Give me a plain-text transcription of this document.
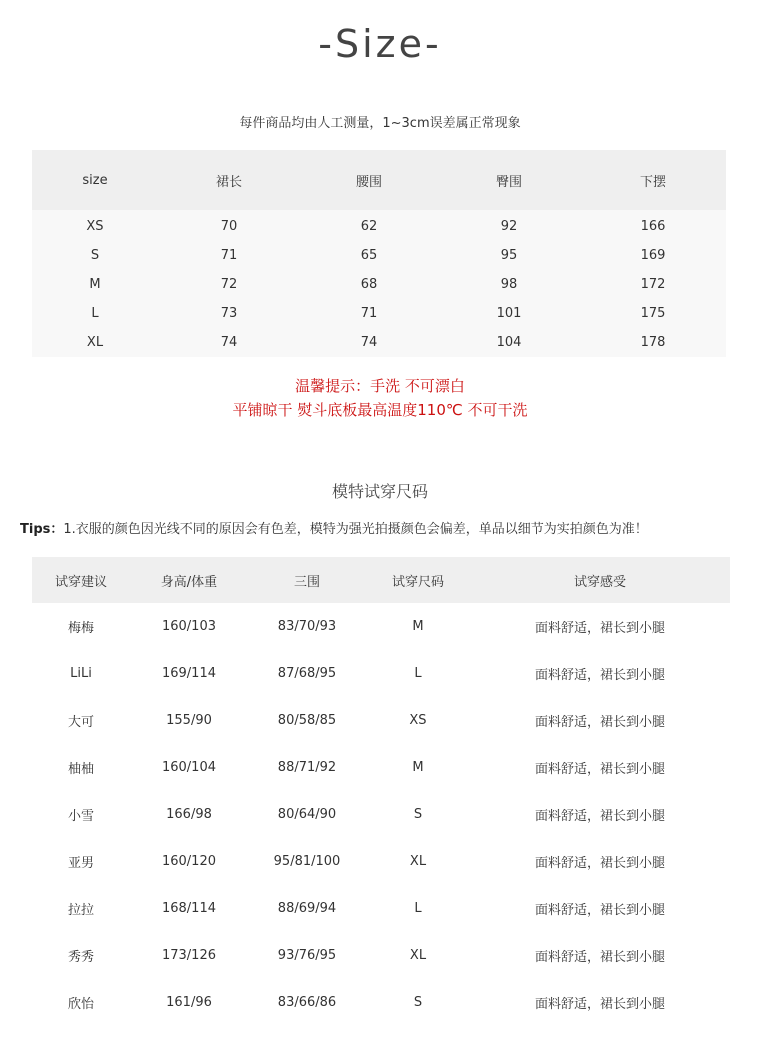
-Size-
每件商品均由人工测量，1~3cm误差属正常现象
size	裙长	腰围	臀围	下摆

XS	70	62	92	166
S	71	65	95	169
M	72	68	98	172
L	73	71	101	175
XL	74	74	104	178
温馨提示：手洗 不可漂白
平铺晾干 熨斗底板最高温度110℃ 不可干洗
模特试穿尺码
Tips：1.衣服的颜色因光线不同的原因会有色差，模特为强光拍摄颜色会偏差，单品以细节为实拍颜色为准！
试穿建议	身高/体重	三围	试穿尺码	试穿感受
梅梅	160/103	83/70/93	M	面料舒适，裙长到小腿
LiLi	169/114	87/68/95	L	面料舒适，裙长到小腿
大可	155/90	80/58/85	XS	面料舒适，裙长到小腿
柚柚	160/104	88/71/92	M	面料舒适，裙长到小腿
小雪	166/98	80/64/90	S	面料舒适，裙长到小腿
亚男	160/120	95/81/100	XL	面料舒适，裙长到小腿
拉拉	168/114	88/69/94	L	面料舒适，裙长到小腿
秀秀	173/126	93/76/95	XL	面料舒适，裙长到小腿
欣怡	161/96	83/66/86	S	面料舒适，裙长到小腿
